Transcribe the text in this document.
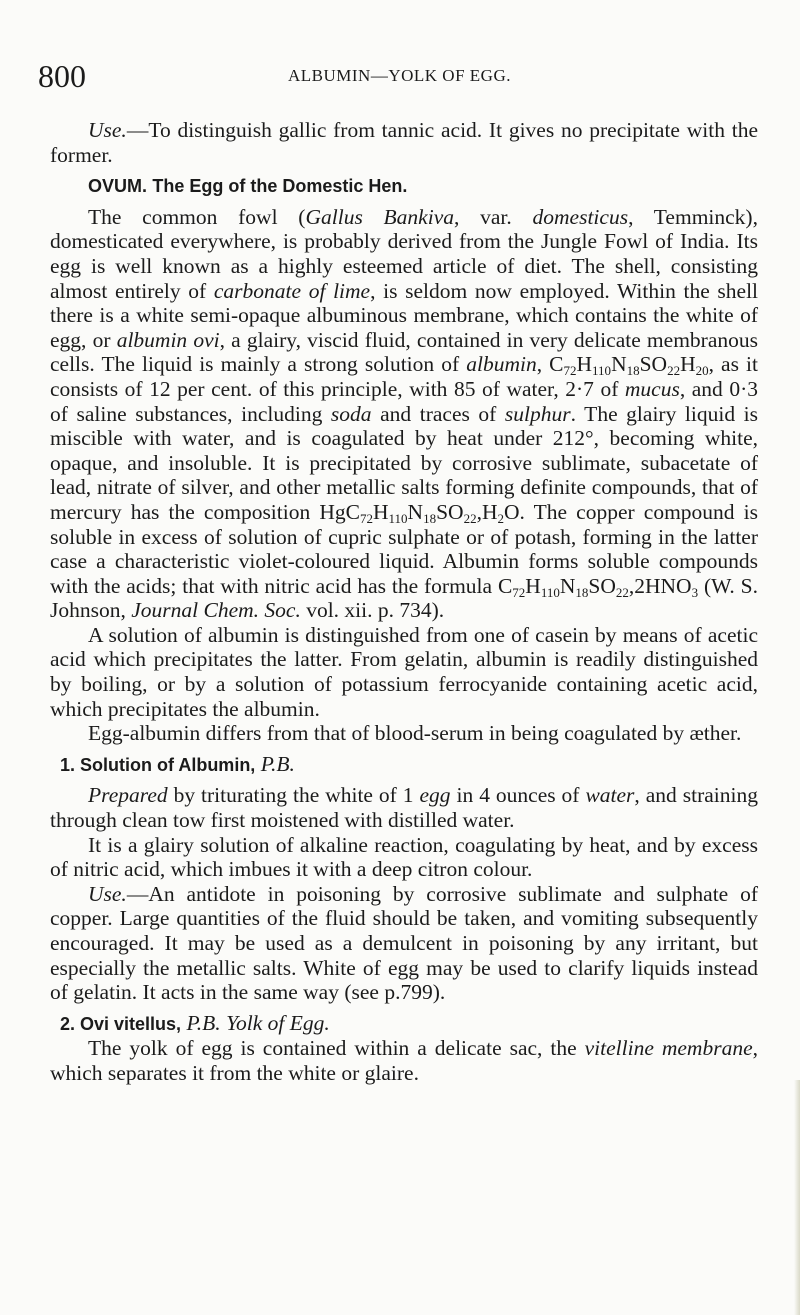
800	ALBUMIN—YOLK OF EGG.

Use.—To distinguish gallic from tannic acid. It gives no precipitate with the former.

OVUM. The Egg of the Domestic Hen.

The common fowl (Gallus Bankiva, var. domesticus, Temminck), domesticated everywhere, is probably derived from the Jungle Fowl of India. Its egg is well known as a highly esteemed article of diet. The shell, consisting almost entirely of carbonate of lime, is seldom now employed. Within the shell there is a white semi-opaque albuminous membrane, which contains the white of egg, or albumin ovi, a glairy, viscid fluid, contained in very delicate membranous cells. The liquid is mainly a strong solution of albumin, $C_{72}H_{110}N_{18}SO_{22}H_{20}$, as it consists of 12 per cent. of this principle, with 85 of water, 2·7 of mucus, and 0·3 of saline substances, including soda and traces of sulphur. The glairy liquid is miscible with water, and is coagulated by heat under 212°, becoming white, opaque, and insoluble. It is precipitated by corrosive sublimate, subacetate of lead, nitrate of silver, and other metallic salts forming definite compounds, that of mercury has the composition $HgC_{72}H_{110}N_{18}SO_{22},H_2O$. The copper compound is soluble in excess of solution of cupric sulphate or of potash, forming in the latter case a characteristic violet-coloured liquid. Albumin forms soluble compounds with the acids; that with nitric acid has the formula $C_{72}H_{110}N_{18}SO_{22},2HNO_3$ (W. S. Johnson, Journal Chem. Soc. vol. xii. p. 734).

A solution of albumin is distinguished from one of casein by means of acetic acid which precipitates the latter. From gelatin, albumin is readily distinguished by boiling, or by a solution of potassium ferrocyanide containing acetic acid, which precipitates the albumin.

Egg-albumin differs from that of blood-serum in being coagulated by æther.

1. Solution of Albumin, P.B.

Prepared by triturating the white of 1 egg in 4 ounces of water, and straining through clean tow first moistened with distilled water.

It is a glairy solution of alkaline reaction, coagulating by heat, and by excess of nitric acid, which imbues it with a deep citron colour.

Use.—An antidote in poisoning by corrosive sublimate and sulphate of copper. Large quantities of the fluid should be taken, and vomiting subsequently encouraged. It may be used as a demulcent in poisoning by any irritant, but especially the metallic salts. White of egg may be used to clarify liquids instead of gelatin. It acts in the same way (see p.799).

2. Ovi vitellus, P.B. Yolk of Egg.

The yolk of egg is contained within a delicate sac, the vitelline membrane, which separates it from the white or glaire.
